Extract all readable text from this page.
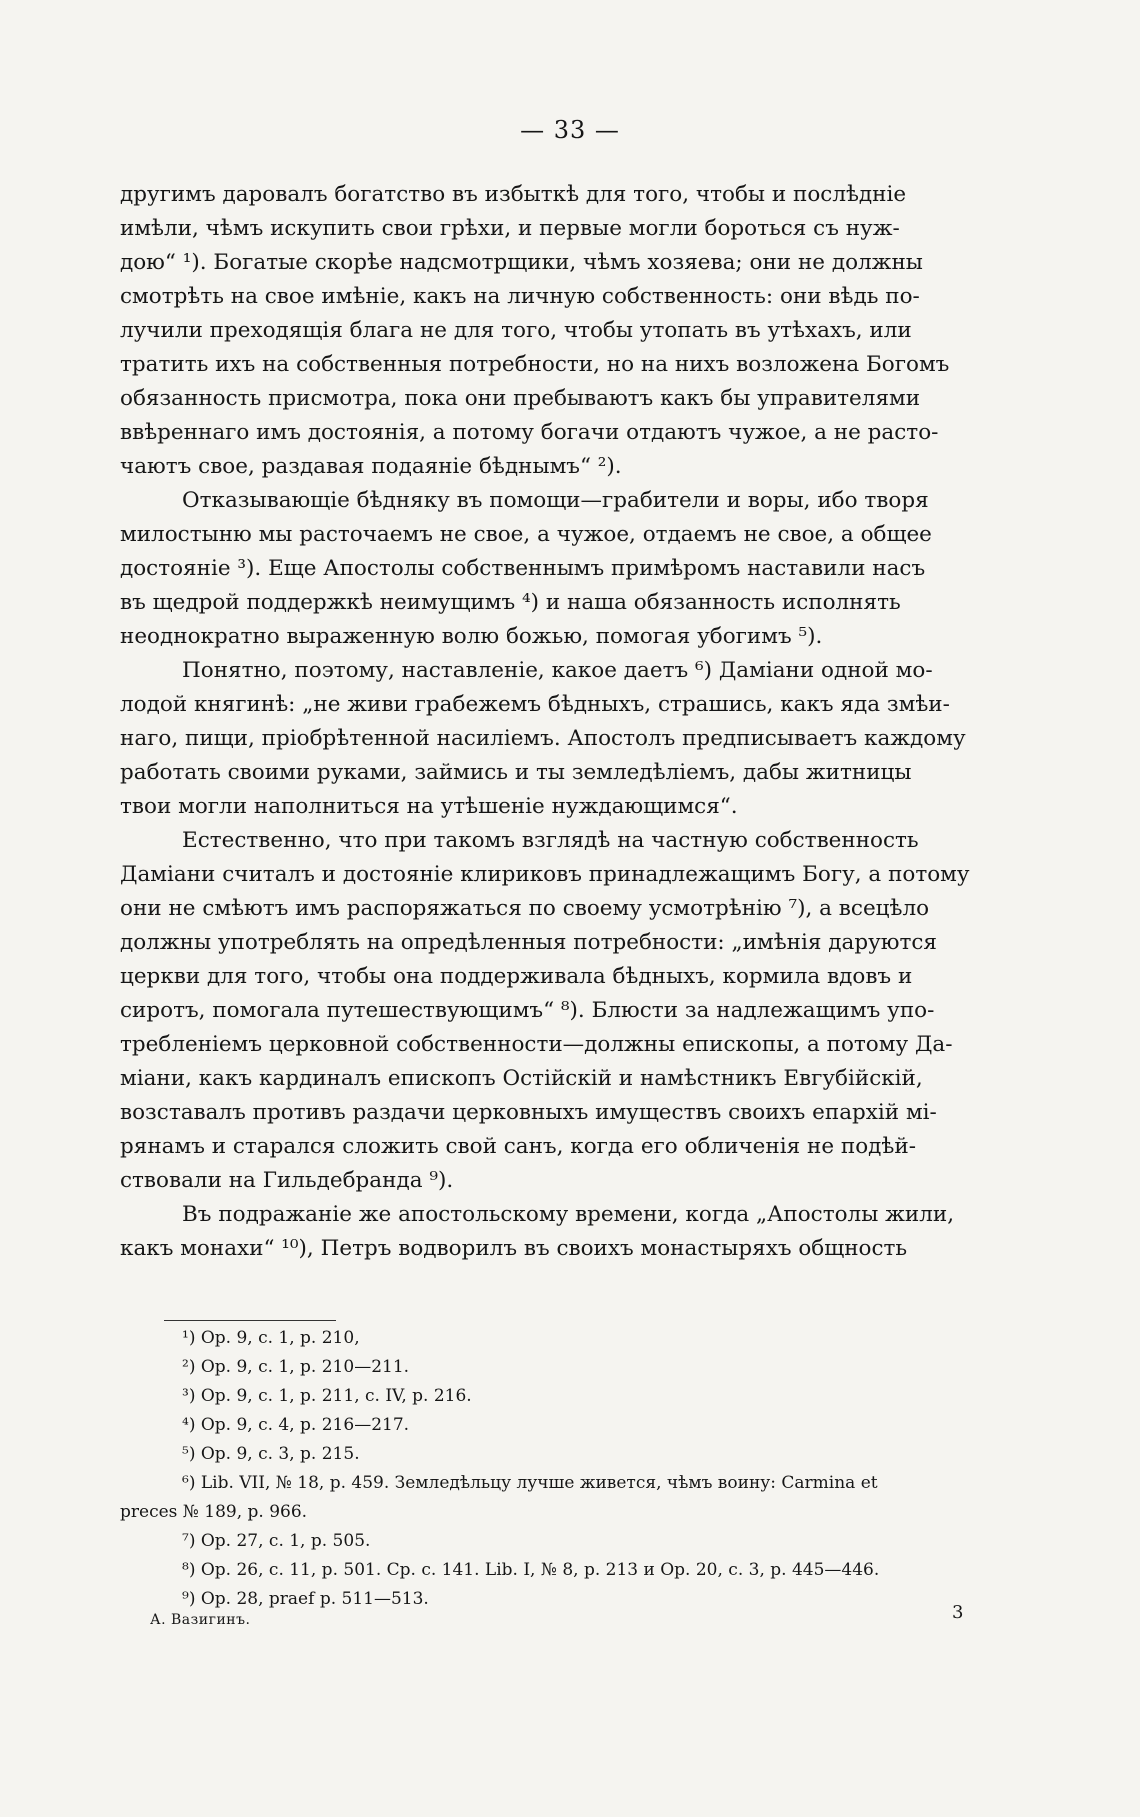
— 33 —

другимъ даровалъ богатство въ избыткѣ для того, чтобы и послѣдніе

имѣли, чѣмъ искупить свои грѣхи, и первые могли бороться съ нуж-

дою“ ¹). Богатые скорѣе надсмотрщики, чѣмъ хозяева; они не должны

смотрѣть на свое имѣніе, какъ на личную собственность: они вѣдь по-

лучили преходящія блага не для того, чтобы утопать въ утѣхахъ, или

тратить ихъ на собственныя потребности, но на нихъ возложена Богомъ

обязанность присмотра, пока они пребываютъ какъ бы управителями

ввѣреннаго имъ достоянія, а потому богачи отдаютъ чужое, а не расто-

чаютъ свое, раздавая подаяніе бѣднымъ“ ²).

Отказывающіе бѣдняку въ помощи—грабители и воры, ибо творя

милостыню мы расточаемъ не свое, а чужое, отдаемъ не свое, а общее

достояніе ³). Еще Апостолы собственнымъ примѣромъ наставили насъ

въ щедрой поддержкѣ неимущимъ ⁴) и наша обязанность исполнять

неоднократно выраженную волю божью, помогая убогимъ ⁵).

Понятно, поэтому, наставленіе, какое даетъ ⁶) Даміани одной мо-

лодой княгинѣ: „не живи грабежемъ бѣдныхъ, страшись, какъ яда змѣи-

наго, пищи, пріобрѣтенной насиліемъ. Апостолъ предписываетъ каждому

работать своими руками, займись и ты земледѣліемъ, дабы житницы

твои могли наполниться на утѣшеніе нуждающимся“.

Естественно, что при такомъ взглядѣ на частную собственность

Даміани считалъ и достояніе клириковъ принадлежащимъ Богу, а потому

они не смѣютъ имъ распоряжаться по своему усмотрѣнію ⁷), а всецѣло

должны употреблять на опредѣленныя потребности: „имѣнія даруются

церкви для того, чтобы она поддерживала бѣдныхъ, кормила вдовъ и

сиротъ, помогала путешествующимъ“ ⁸). Блюсти за надлежащимъ упо-

требленіемъ церковной собственности—должны епископы, а потому Да-

міани, какъ кардиналъ епископъ Остійскій и намѣстникъ Евгубійскій,

возставалъ противъ раздачи церковныхъ имуществъ своихъ епархій мі-

рянамъ и старался сложить свой санъ, когда его обличенія не подѣй-

ствовали на Гильдебранда ⁹).

Въ подражаніе же апостольскому времени, когда „Апостолы жили,

какъ монахи“ ¹⁰), Петръ водворилъ въ своихъ монастыряхъ общность

¹) Op. 9, c. 1, p. 210,

²) Op. 9, c. 1, p. 210—211.

³) Op. 9, c. 1, p. 211, c. IV, p. 216.

⁴) Op. 9, c. 4, p. 216—217.

⁵) Op. 9, c. 3, p. 215.

⁶) Lib. VII, № 18, p. 459. Земледѣльцу лучше живется, чѣмъ воину: Carmina et

preces № 189, p. 966.

⁷) Op. 27, c. 1, p. 505.

⁸) Op. 26, c. 11, p. 501. Cp. c. 141. Lib. I, № 8, p. 213 и Op. 20, c. 3, p. 445—446.

⁹) Op. 28, praef p. 511—513.

А. Вазигинъ.	3
